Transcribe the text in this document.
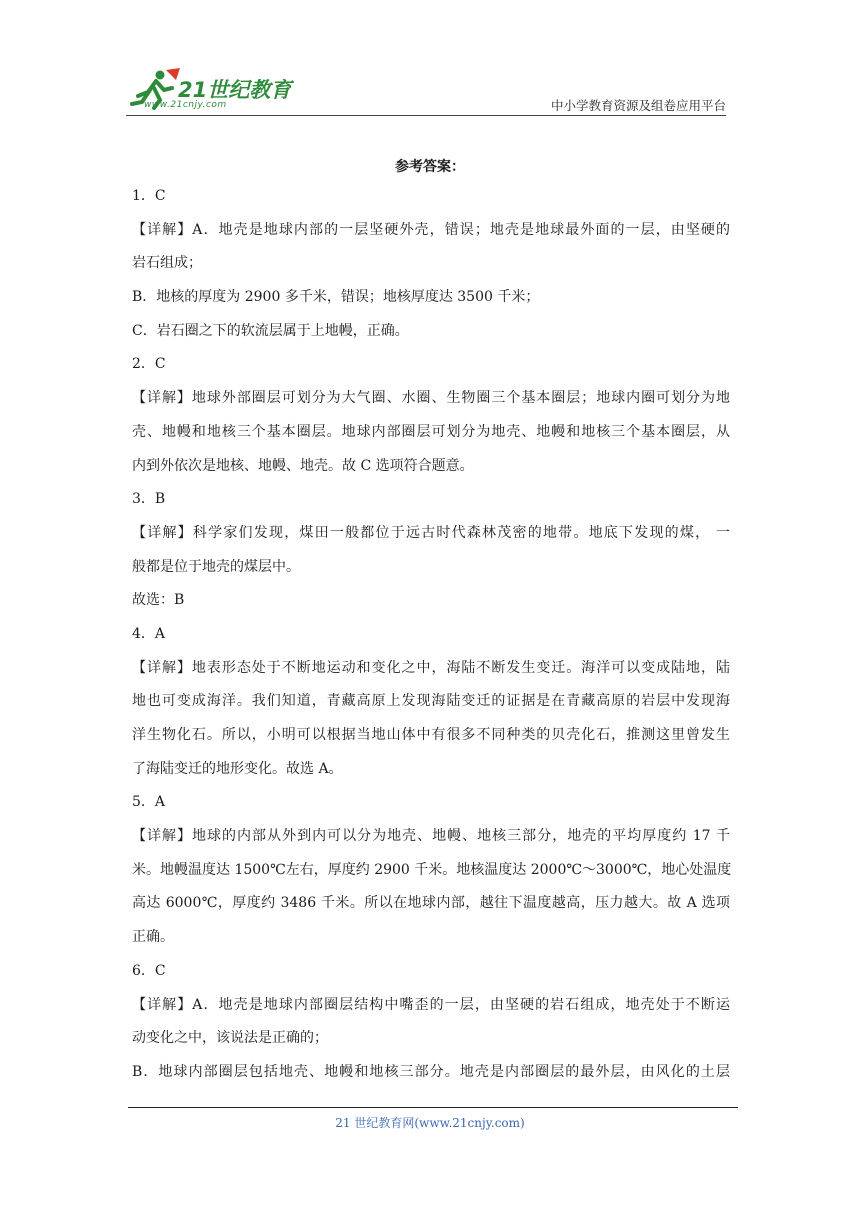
21世纪教育
www.21cnjy.com	中小学教育资源及组卷应用平台
参考答案：
1．C
【详解】A．地壳是地球内部的一层坚硬外壳，错误；地壳是地球最外面的一层，由坚硬的
岩石组成；
B．地核的厚度为 2900 多千米，错误；地核厚度达 3500 千米；
C．岩石圈之下的软流层属于上地幔，正确。
2．C
【详解】地球外部圈层可划分为大气圈、水圈、生物圈三个基本圈层；地球内圈可划分为地
壳、地幔和地核三个基本圈层。地球内部圈层可划分为地壳、地幔和地核三个基本圈层，从
内到外依次是地核、地幔、地壳。故 C 选项符合题意。
3．B
【详解】科学家们发现，煤田一般都位于远古时代森林茂密的地带。地底下发现的煤， 一
般都是位于地壳的煤层中。
故选：B
4．A
【详解】地表形态处于不断地运动和变化之中，海陆不断发生变迁。海洋可以变成陆地，陆
地也可变成海洋。我们知道，青藏高原上发现海陆变迁的证据是在青藏高原的岩层中发现海
洋生物化石。所以，小明可以根据当地山体中有很多不同种类的贝壳化石，推测这里曾发生
了海陆变迁的地形变化。故选 A。
5．A
【详解】地球的内部从外到内可以分为地壳、地幔、地核三部分，地壳的平均厚度约 17 千
米。地幔温度达 1500℃左右，厚度约 2900 千米。地核温度达 2000℃～3000℃，地心处温度
高达 6000℃，厚度约 3486 千米。所以在地球内部，越往下温度越高，压力越大。故 A 选项
正确。
6．C
【详解】A．地壳是地球内部圈层结构中嘴歪的一层，由坚硬的岩石组成，地壳处于不断运
动变化之中，该说法是正确的；
B．地球内部圈层包括地壳、地幔和地核三部分。地壳是内部圈层的最外层，由风化的土层
21 世纪教育网(www.21cnjy.com)
